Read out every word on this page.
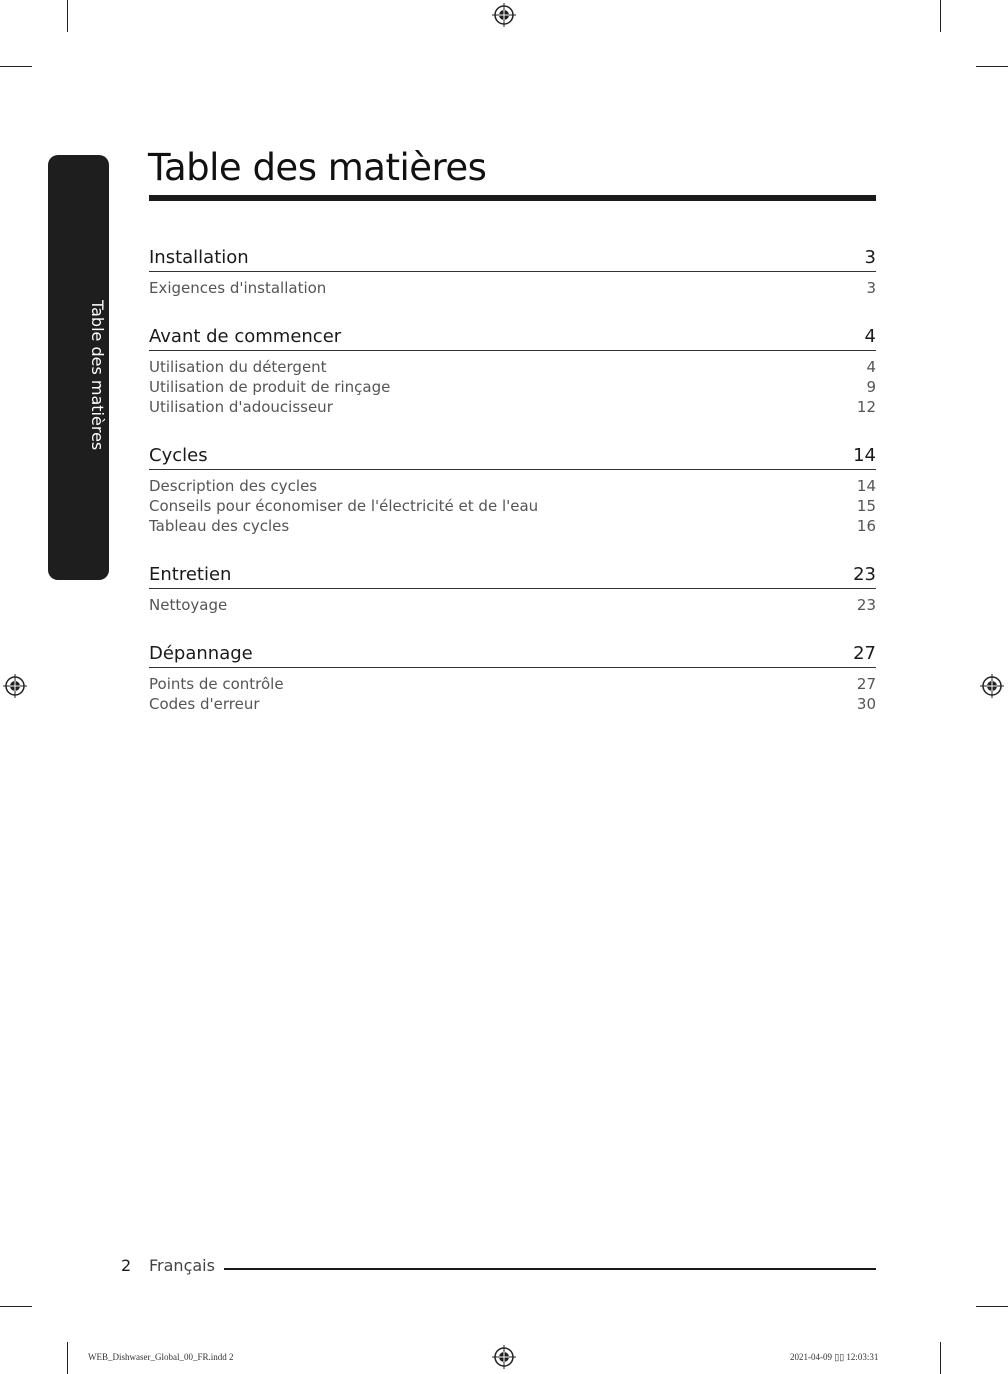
Table des matières
Table des matières
Installation	3
Exigences d'installation	3
Avant de commencer	4
Utilisation du détergent	4
Utilisation de produit de rinçage	9
Utilisation d'adoucisseur	12
Cycles	14
Description des cycles	14
Conseils pour économiser de l'électricité et de l'eau	15
Tableau des cycles	16
Entretien	23
Nettoyage	23
Dépannage	27
Points de contrôle	27
Codes d'erreur	30
2 Français
WEB_Dishwaser_Global_00_FR.indd 2	2021-04-09 ▯▯ 12:03:31
